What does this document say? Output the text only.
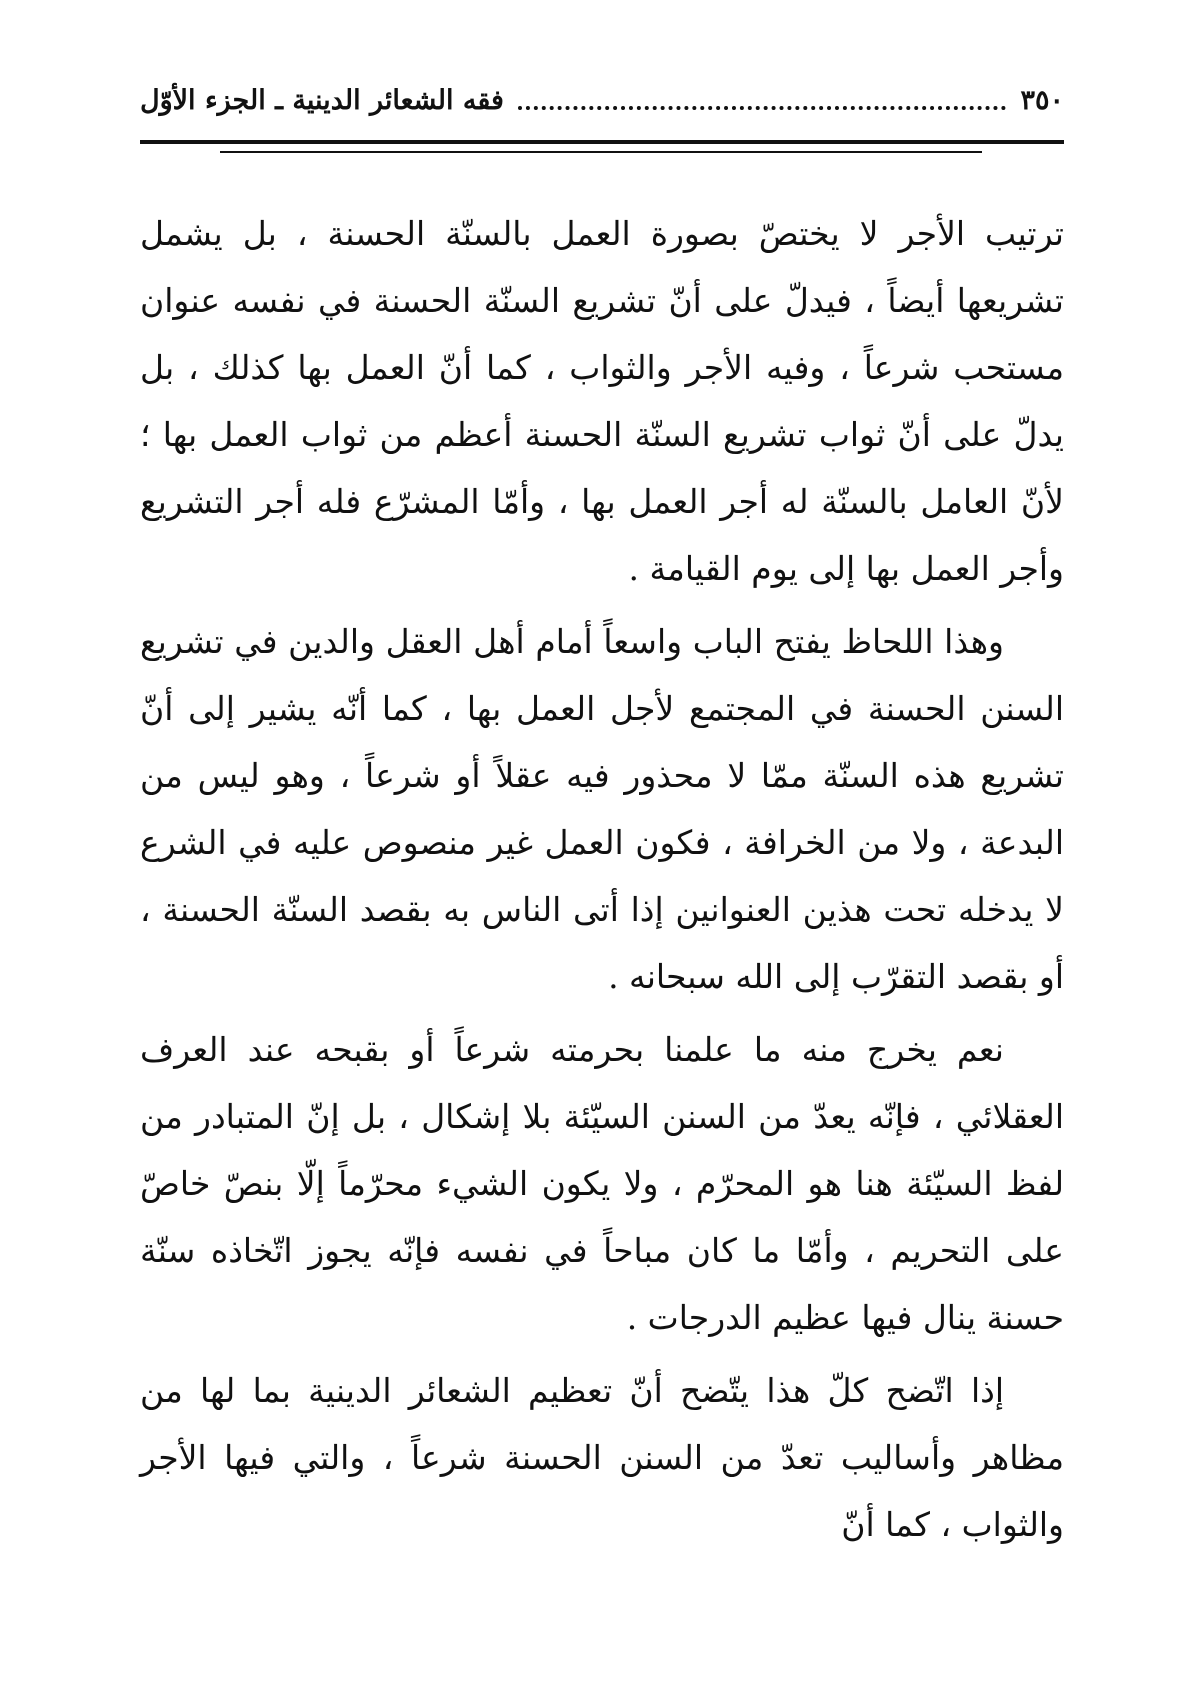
٣٥٠
فقه الشعائر الدينية ـ الجزء الأوّل

ترتيب الأجر لا يختصّ بصورة العمل بالسنّة الحسنة ، بل يشمل تشريعها أيضاً ، فيدلّ على أنّ تشريع السنّة الحسنة في نفسه عنوان مستحب شرعاً ، وفيه الأجر والثواب ، كما أنّ العمل بها كذلك ، بل يدلّ على أنّ ثواب تشريع السنّة الحسنة أعظم من ثواب العمل بها ؛ لأنّ العامل بالسنّة له أجر العمل بها ، وأمّا المشرّع فله أجر التشريع وأجر العمل بها إلى يوم القيامة .

وهذا اللحاظ يفتح الباب واسعاً أمام أهل العقل والدين في تشريع السنن الحسنة في المجتمع لأجل العمل بها ، كما أنّه يشير إلى أنّ تشريع هذه السنّة ممّا لا محذور فيه عقلاً أو شرعاً ، وهو ليس من البدعة ، ولا من الخرافة ، فكون العمل غير منصوص عليه في الشرع لا يدخله تحت هذين العنوانين إذا أتى الناس به بقصد السنّة الحسنة ، أو بقصد التقرّب إلى الله سبحانه .

نعم يخرج منه ما علمنا بحرمته شرعاً أو بقبحه عند العرف العقلائي ، فإنّه يعدّ من السنن السيّئة بلا إشكال ، بل إنّ المتبادر من لفظ السيّئة هنا هو المحرّم ، ولا يكون الشيء محرّماً إلّا بنصّ خاصّ على التحريم ، وأمّا ما كان مباحاً في نفسه فإنّه يجوز اتّخاذه سنّة حسنة ينال فيها عظيم الدرجات .

إذا اتّضح كلّ هذا يتّضح أنّ تعظيم الشعائر الدينية بما لها من مظاهر وأساليب تعدّ من السنن الحسنة شرعاً ، والتي فيها الأجر والثواب ، كما أنّ
